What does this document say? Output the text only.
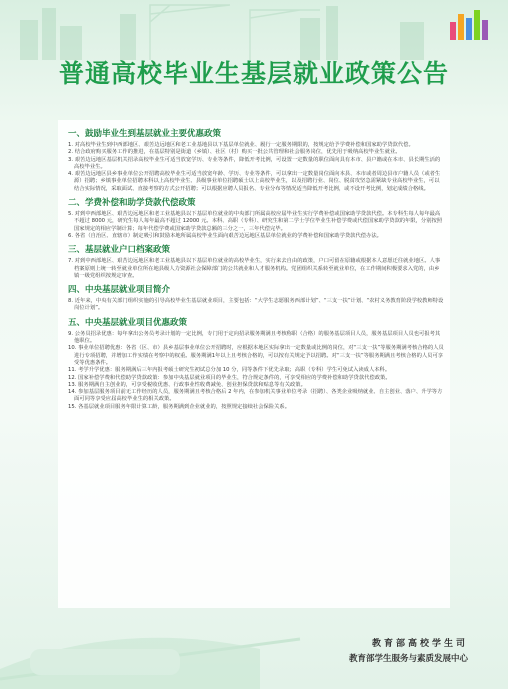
普通高校毕业生基层就业政策公告
一、鼓励毕业生到基层就业主要优惠政策

1. 对高校毕业生到中西部地区、艰苦边远地区和老工业基地县以下基层单位就业、履行一定服务期限的，按规定给予学费补偿和国家助学贷款代偿。

2. 结合政府购买服务工作的推进，在基层特别是街道（乡镇）、社区（村）购买一批公共管理和社会服务岗位，优先用于吸纳高校毕业生就业。

3. 艰苦边远地区基层机关招录高校毕业生可适当放宽学历、专业等条件，降低开考比例，可设置一定数量的职位面向具有本市、县户籍或在本市、县长期生活的高校毕业生。

4. 艰苦边远地区县乡事业单位公开招聘高校毕业生可适当放宽年龄、学历、专业等条件，可以拿出一定数量岗位面向本县、本市或者周边县市户籍人员（或者生源）招聘；乡镇事业单位招聘本科以上高校毕业生、县级事业单位招聘硕士以上高校毕业生，以及招聘行业、岗位、脱贫攻坚急需紧缺专业高校毕业生，可以结合实际情况，采取面试、直接考察的方式公开招聘；可以根据应聘人员报名、专业分布等情况适当降低开考比例，或不设开考比例，划定成绩合格线。

二、学费补偿和助学贷款代偿政策

5. 对到中西部地区、艰苦边远地区和老工业基地县以下基层单位就业的中央部门所属高校应届毕业生实行学费补偿或国家助学贷款代偿。本专科生每人每年最高不超过 8000 元，研究生每人每年最高不超过 12000 元。本科、高职（专科）、研究生和第二学士学位毕业生补偿学费或代偿国家助学贷款的年限，分别按照国家规定的相应学制计算；每年代偿学费或国家助学贷款总额的三分之一，三年代偿完毕。

6. 各省（自治区、直辖市）制定吸引和鼓励本地所属高校毕业生面向艰苦边远地区基层单位就业的学费补偿和国家助学贷款代偿办法。

三、基层就业户口档案政策

7. 对到中西部地区、艰苦边远地区和老工业基地县以下基层单位就业的高校毕业生，实行来去自由的政策，户口可留在原籍或根据本人意愿迁往就业地区。人事档案原则上统一转至就业单位所在地县级人力资源社会保障部门的公共就业和人才服务机构。党团组织关系转至就业单位，在工作期间积极要求入党的，由乡镇一级党组织按规定审查。

四、中央基层就业项目简介

8. 近年来，中央有关部门组织实施的引导高校毕业生基层就业项目，主要包括：“大学生志愿服务西部计划”、“三支一扶”计划、“农村义务教育阶段学校教师特设岗位计划”。

五、中央基层就业项目优惠政策

9. 公务员招录优惠：每年拿出公务员考录计划的一定比例，专门用于定向招录服务期满且考核称职（合格）的服务基层项目人员，服务基层项目人员也可报考其他职位。

10. 事业单位招聘优惠：各省（区、市）县乡基层事业单位公开招聘时，应根据本地区实际拿出一定数量或比例的岗位，对“三支一扶”等服务期满考核合格的人员进行专项招聘，并增加工作实绩在考察中的权重。服务期满1年以上且考核合格的，可以按有关规定予以招聘。对“三支一扶”等服务期满且考核合格的人员可享受等优惠条件。

11. 考学升学优惠：服务期满后三年内报考硕士研究生初试总分加 10 分，同等条件下优先录取；高职（专科）学生可免试入读成人本科。

12. 国家补偿学费和代偿助学贷款政策：参加中央基层就业项目的毕业生，符合规定条件的，可享受相应的学费补偿和助学贷款代偿政策。

13. 服务期满自主创业的，可享受税收优惠、行政事业性收费减免、创业担保贷款和贴息等有关政策。

14. 参加基层服务项目前无工作经历的人员，服务期满且考核合格后 2 年内，在参加机关事业单位考录（招聘）、各类企业吸纳就业、自主创业、落户、升学等方面可同等享受应届高校毕业生的相关政策。

15. 各基层就业项目服务年限计算工龄，服务期满到企业就业的，按照规定接续社会保险关系。

教育部高校学生司
教育部学生服务与素质发展中心
